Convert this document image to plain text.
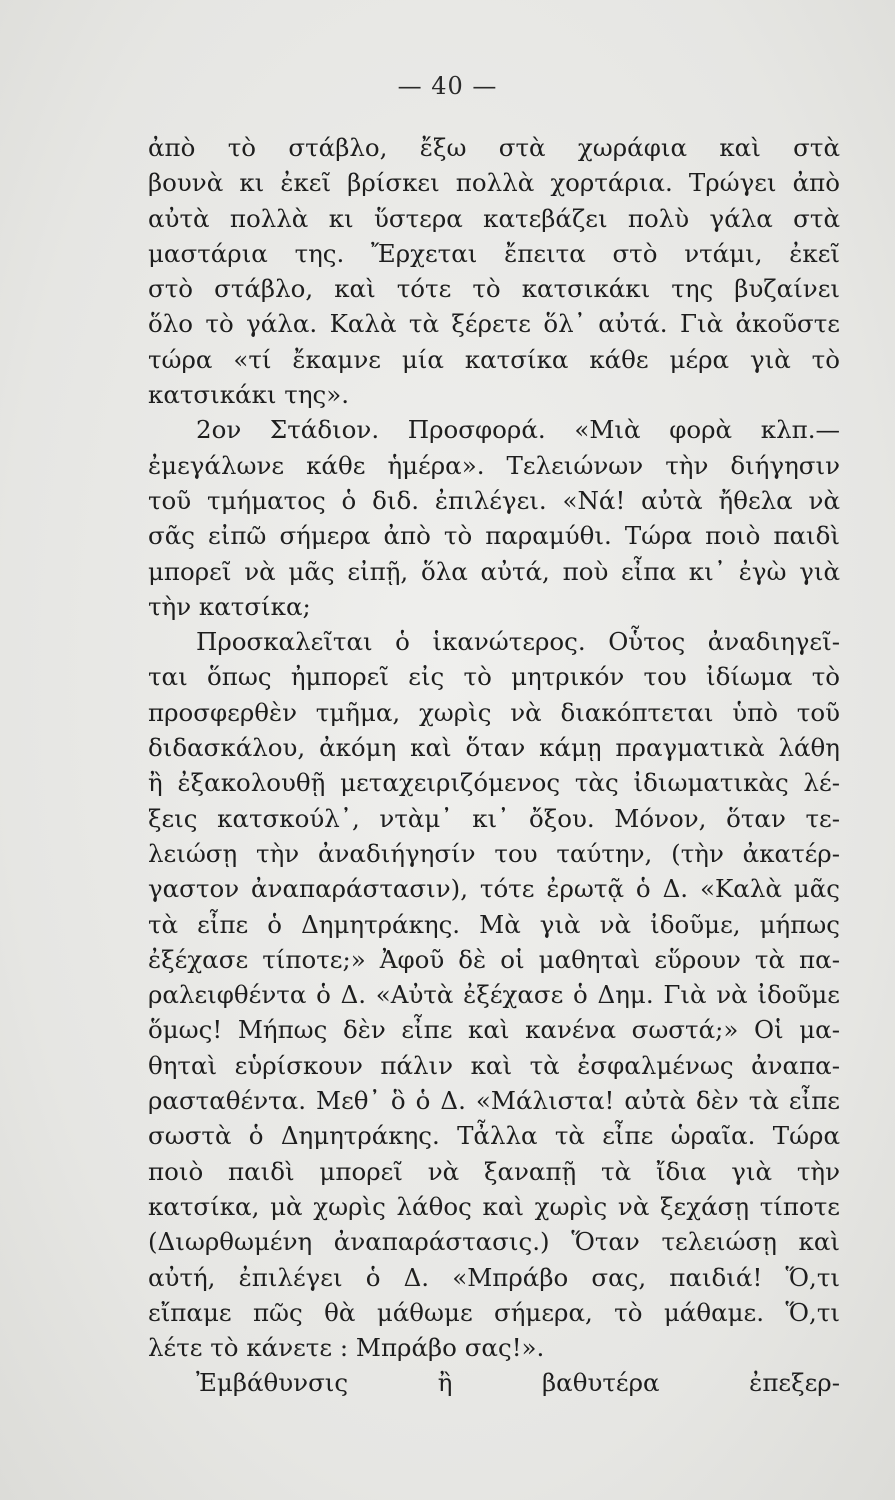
— 40 —
ἀπὸ τὸ στάβλο, ἔξω στὰ χωράφια καὶ στὰ
βουνὰ κι ἐκεῖ βρίσκει πολλὰ χορτάρια. Τρώγει ἀπὸ
αὐτὰ πολλὰ κι ὕστερα κατεβάζει πολὺ γάλα στὰ
μαστάρια της. Ἔρχεται ἔπειτα στὸ ντάμι, ἐκεῖ
στὸ στάβλο, καὶ τότε τὸ κατσικάκι της βυζαίνει
ὅλο τὸ γάλα. Καλὰ τὰ ξέρετε ὅλ᾿ αὐτά. Γιὰ ἀκοῦστε
τώρα «τί ἔκαμνε μία κατσίκα κάθε μέρα γιὰ τὸ
κατσικάκι της».
2ον Στάδιον. Προσφορά. «Μιὰ φορὰ κλπ.—
ἐμεγάλωνε κάθε ἡμέρα». Τελειώνων τὴν διήγησιν
τοῦ τμήματος ὁ διδ. ἐπιλέγει. «Νά! αὐτὰ ἤθελα νὰ
σᾶς εἰπῶ σήμερα ἀπὸ τὸ παραμύθι. Τώρα ποιὸ παιδὶ
μπορεῖ νὰ μᾶς εἰπῇ, ὅλα αὐτά, ποὺ εἶπα κι᾿ ἐγὼ γιὰ
τὴν κατσίκα;
Προσκαλεῖται ὁ ἱκανώτερος. Οὗτος ἀναδιηγεῖ-
ται ὅπως ἠμπορεῖ εἰς τὸ μητρικόν του ἰδίωμα τὸ
προσφερθὲν τμῆμα, χωρὶς νὰ διακόπτεται ὑπὸ τοῦ
διδασκάλου, ἀκόμη καὶ ὅταν κάμῃ πραγματικὰ λάθη
ἢ ἐξακολουθῇ μεταχειριζόμενος τὰς ἰδιωματικὰς λέ-
ξεις κατσκούλ᾿, ντὰμ᾿ κι᾿ ὄξου. Μόνον, ὅταν τε-
λειώσῃ τὴν ἀναδιήγησίν του ταύτην, (τὴν ἀκατέρ-
γαστον ἀναπαράστασιν), τότε ἐρωτᾷ ὁ Δ. «Καλὰ μᾶς
τὰ εἶπε ὁ Δημητράκης. Μὰ γιὰ νὰ ἰδοῦμε, μήπως
ἐξέχασε τίποτε;» Ἀφοῦ δὲ οἱ μαθηταὶ εὕρουν τὰ πα-
ραλειφθέντα ὁ Δ. «Αὐτὰ ἐξέχασε ὁ Δημ. Γιὰ νὰ ἰδοῦμε
ὅμως! Μήπως δὲν εἶπε καὶ κανένα σωστά;» Οἱ μα-
θηταὶ εὑρίσκουν πάλιν καὶ τὰ ἐσφαλμένως ἀναπα-
ρασταθέντα. Μεθ᾿ ὃ ὁ Δ. «Μάλιστα! αὐτὰ δὲν τὰ εἶπε
σωστὰ ὁ Δημητράκης. Τἆλλα τὰ εἶπε ὡραῖα. Τώρα
ποιὸ παιδὶ μπορεῖ νὰ ξαναπῇ τὰ ἴδια γιὰ τὴν
κατσίκα, μὰ χωρὶς λάθος καὶ χωρὶς νὰ ξεχάσῃ τίποτε
(Διωρθωμένη ἀναπαράστασις.) Ὅταν τελειώσῃ καὶ
αὐτή, ἐπιλέγει ὁ Δ. «Μπράβο σας, παιδιά! Ὅ,τι
εἴπαμε πῶς θὰ μάθωμε σήμερα, τὸ μάθαμε. Ὅ,τι
λέτε τὸ κάνετε : Μπράβο σας!».
Ἐμβάθυνσις ἢ βαθυτέρα ἐπεξερ-
